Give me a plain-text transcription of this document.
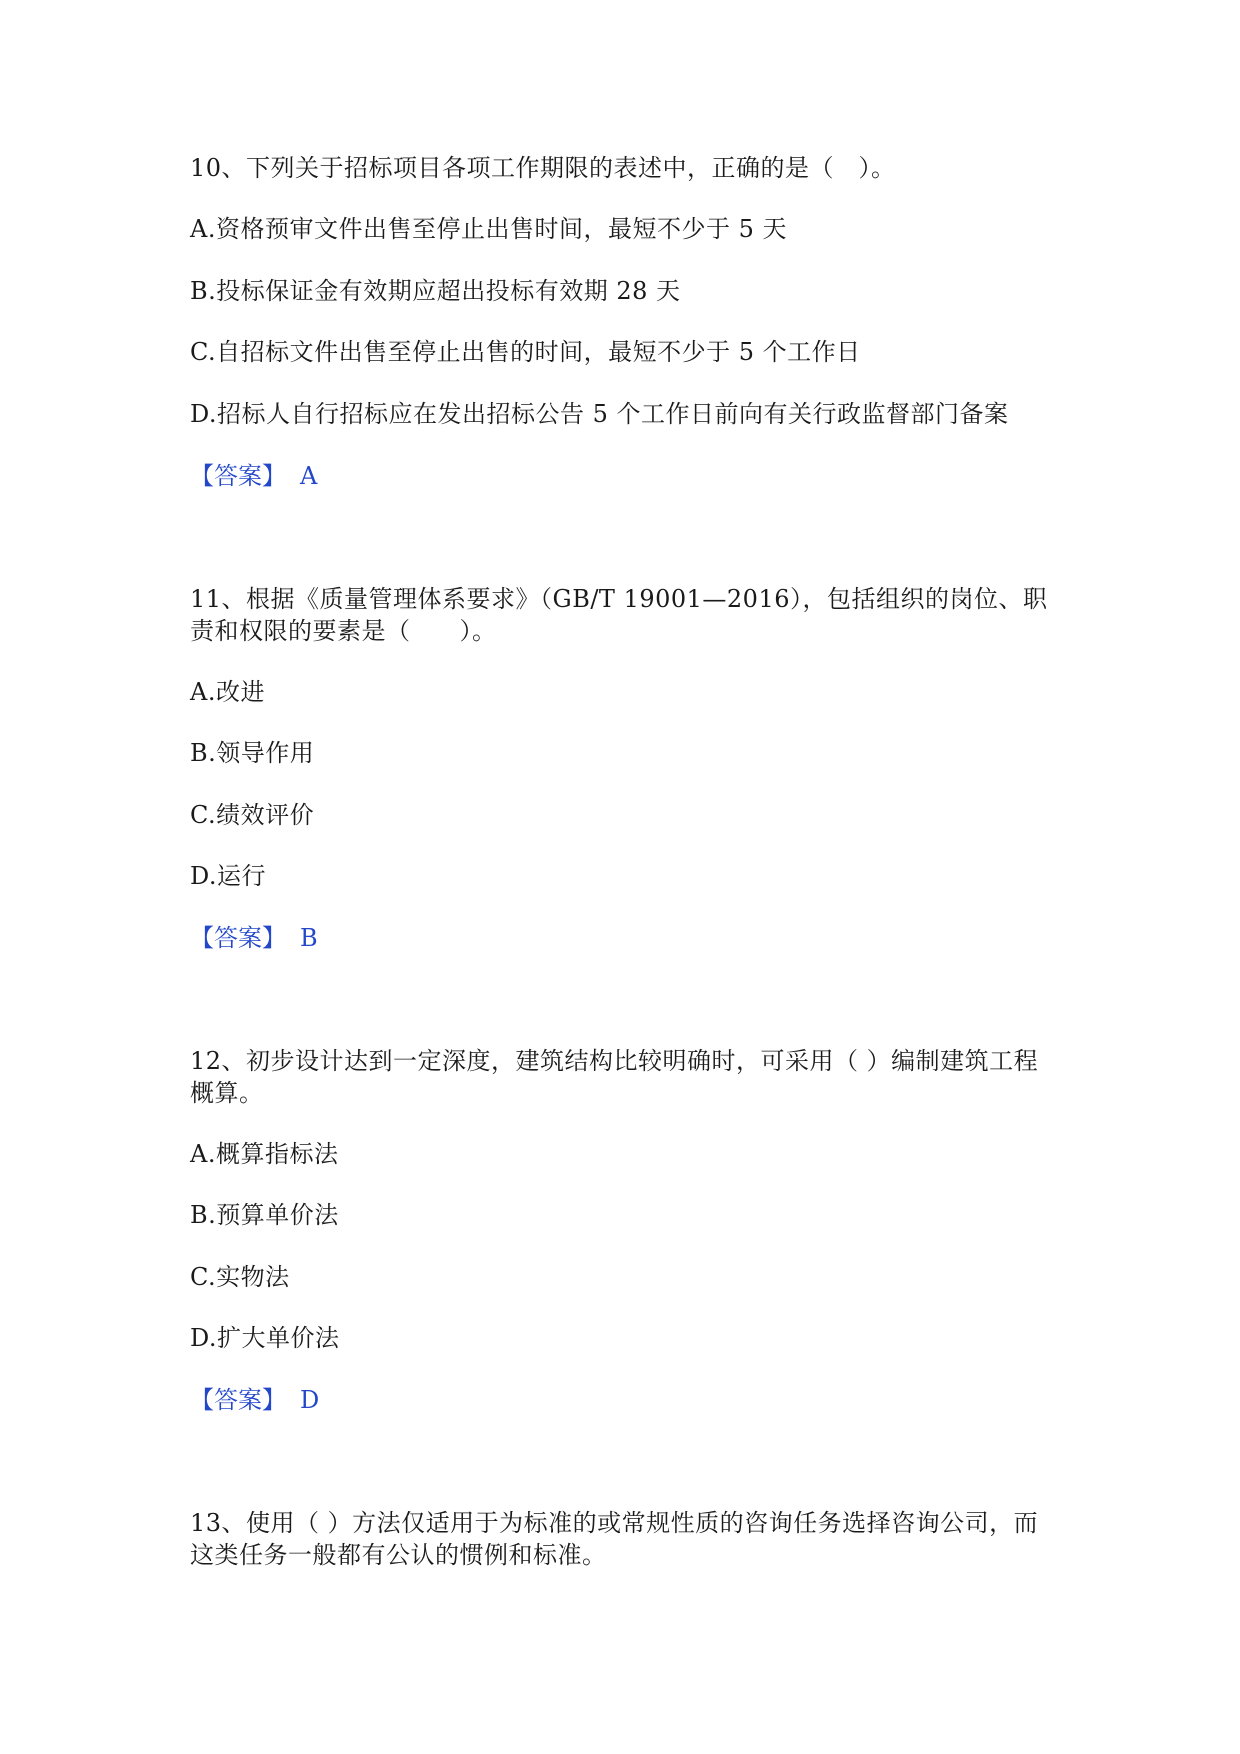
10、下列关于招标项目各项工作期限的表述中，正确的是（　）。
A.资格预审文件出售至停止出售时间，最短不少于 5 天
B.投标保证金有效期应超出投标有效期 28 天
C.自招标文件出售至停止出售的时间，最短不少于 5 个工作日
D.招标人自行招标应在发出招标公告 5 个工作日前向有关行政监督部门备案
【答案】 A
11、根据《质量管理体系要求》（GB/T 19001—2016），包括组织的岗位、职
责和权限的要素是（　　）。
A.改进
B.领导作用
C.绩效评价
D.运行
【答案】 B
12、初步设计达到一定深度，建筑结构比较明确时，可采用（ ）编制建筑工程
概算。
A.概算指标法
B.预算单价法
C.实物法
D.扩大单价法
【答案】 D
13、使用（ ）方法仅适用于为标准的或常规性质的咨询任务选择咨询公司，而
这类任务一般都有公认的惯例和标准。
